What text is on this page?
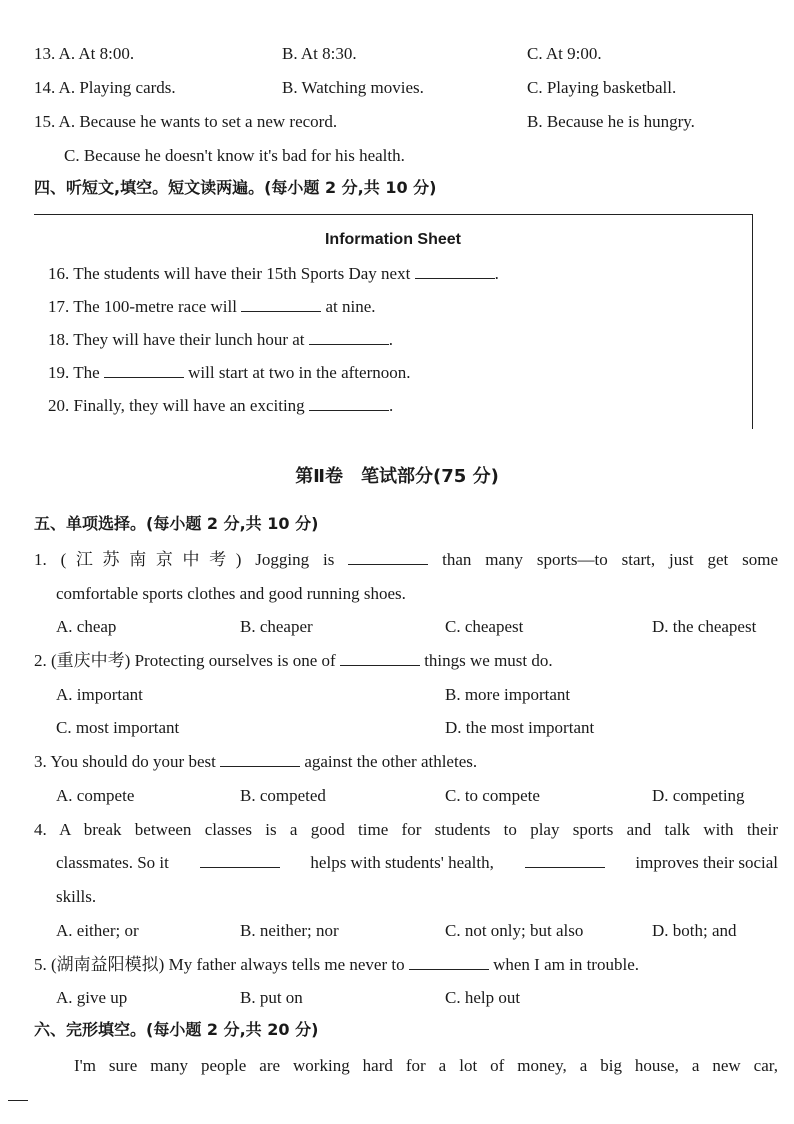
13. A. At 8:00.	B. At 8:30.	C. At 9:00.
14. A. Playing cards.	B. Watching movies.	C. Playing basketball.
15. A. Because he wants to set a new record.	B. Because he is hungry.
C. Because he doesn't know it's bad for his health.
四、听短文,填空。短文读两遍。(每小题 2 分,共 10 分)
Information Sheet
16. The students will have their 15th Sports Day next	.
17. The 100-metre race will	at nine.
18. They will have their lunch hour at	.
19. The	will start at two in the afternoon.
20. Finally, they will have an exciting	.
第Ⅱ卷　笔试部分(75 分)
五、单项选择。(每小题 2 分,共 10 分)
1. (江苏南京中考) Jogging is	than many sports—to start, just get some
comfortable sports clothes and good running shoes.
A. cheap	B. cheaper	C. cheapest	D. the cheapest
2. (重庆中考) Protecting ourselves is one of	things we must do.
A. important	B. more important
C. most important	D. the most important
3. You should do your best	against the other athletes.
A. compete	B. competed	C. to compete	D. competing
4. A break between classes is a good time for students to play sports and talk with their
classmates. So it	helps with students' health,	improves their social
skills.
A. either; or	B. neither; nor	C. not only; but also	D. both; and
5. (湖南益阳模拟) My father always tells me never to	when I am in trouble.
A. give up	B. put on	C. help out
六、完形填空。(每小题 2 分,共 20 分)
I'm sure many people are working hard for a lot of money, a big house, a new car,
